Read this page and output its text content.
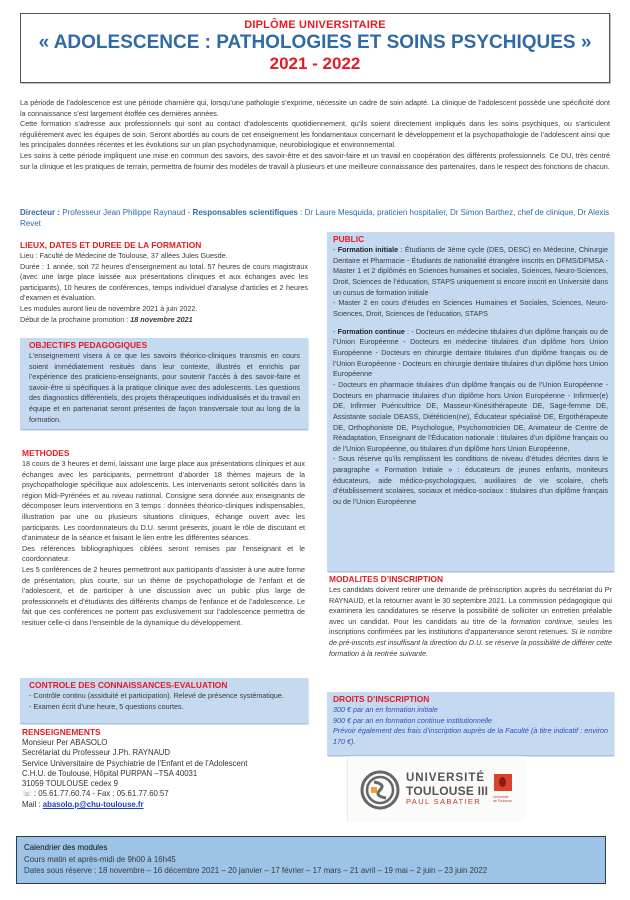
DIPLÔME UNIVERSITAIRE
« ADOLESCENCE : PATHOLOGIES ET SOINS PSYCHIQUES »
2021 - 2022

La période de l’adolescence est une période charnière qui, lorsqu’une pathologie s’exprime, nécessite un cadre de soin adapté. La clinique de l’adolescent possède une spécificité dont la connaissance s’est largement étoffée ces dernières années.

Cette formation s’adresse aux professionnels qui sont au contact d’adolescents quotidiennement, qu’ils soient directement impliqués dans les soins psychiques, ou s’articulent régulièrement avec les équipes de soin. Seront abordés au cours de cet enseignement les fondamentaux concernant le développement et la psychopathologie de l’adolescent ainsi que les principales données récentes et les évolutions sur un plan psychodynamique, neurobiologique et environnemental.

Les soins à cette période impliquent une mise en commun des savoirs, des savoir-être et des savoir-faire et un travail en coopération des différents professionnels. Ce DU, très centré sur la clinique et les pratiques de terrain, permettra de fournir des modèles de travail à plusieurs et une meilleure connaissance des partenaires, dans le respect des fonctions de chacun.

Directeur : Professeur Jean Philippe Raynaud - Responsables scientifiques : Dr Laure Mesquida, praticien hospitalier, Dr Simon Barthez, chef de clinique, Dr Alexis Revet
LIEUX, DATES ET DUREE DE LA FORMATION
Lieu : Faculté de Médecine de Toulouse, 37 allées Jules Guesde.
Durée : 1 année, soit 72 heures d’enseignement au total. 57 heures de cours magistraux (avec une large place laissée aux présentations cliniques et aux échanges avec les participants), 10 heures de conférences, temps individuel d’analyse d’articles et 2 heures d’examen et évaluation.
Les modules auront lieu de novembre 2021 à juin 2022.
Début de la prochaine promotion : 18 novembre 2021
OBJECTIFS PEDAGOGIQUES
L’enseignement visera à ce que les savoirs théorico-cliniques transmis en cours soient immédiatement resitués dans leur contexte, illustrés et enrichis par l’expérience des praticiens-enseignants, pour soutenir l’accès à des savoir-faire et savoir-être si spécifiques à la pratique clinique avec des adolescents. Les questions des diagnostics différentiels, des projets thérapeutiques individualisés et du travail en équipe et en partenariat seront présentes de façon transversale tout au long de la formation.
METHODES
18 cours de 3 heures et demi, laissant une large place aux présentations cliniques et aux échanges avec les participants, permettront d’aborder 18 thèmes majeurs de la psychopathologie spécifique aux adolescents. Les intervenants seront sollicités dans la région Midi-Pyrénées et au niveau national. Consigne sera donnée aux enseignants de décomposer leurs interventions en 3 temps : données théorico-cliniques indispensables, illustration par une ou plusieurs situations cliniques, échange ouvert avec les participants. Les coordonnateurs du D.U. seront présents, jouant le rôle de discutant et d’animateur de la séance et faisant le lien entre les différentes séances.
Des références bibliographiques ciblées seront remises par l’enseignant et le coordonnateur.
Les 5 conférences de 2 heures permettront aux participants d’assister à une autre forme de présentation, plus courte, sur un thème de psychopathologie de l’enfant et de l’adolescent, et de participer à une discussion avec un public plus large de professionnels et d’étudiants des différents champs de l’enfance et de l’adolescence. Le fait que ces conférences ne portent pas exclusivement sur l’adolescence permettra de resituer celle-ci dans l’ensemble de la dynamique du développement.
CONTROLE DES CONNAISSANCES-EVALUATION
- Contrôle continu (assiduité et participation). Relevé de présence systématique.
- Examen écrit d’une heure, 5 questions courtes.
RENSEIGNEMENTS
Monsieur Per ABASOLO
Secrétariat du Professeur J.Ph. RAYNAUD
Service Universitaire de Psychiatrie de l’Enfant et de l’Adolescent
C.H.U. de Toulouse, Hôpital PURPAN –TSA 40031
31059 TOULOUSE cedex 9
☏ : 05.61.77.60.74 - Fax : 05.61.77.60.57
Mail : abasolo.p@chu-toulouse.fr
PUBLIC
- Formation initiale : Étudiants de 3ème cycle (DES, DESC) en Médecine, Chirurgie Dentaire et Pharmacie - Étudiants de nationalité étrangère inscrits en DFMS/DFMSA - Master 1 et 2 diplômés en Sciences humaines et sociales, Sciences, Neuro-Sciences, Droit, Sciences de l’éducation, STAPS uniquement si encore inscrit en Université dans un cursus de formation initiale
- Master 2 en cours d’études en Sciences Humaines et Sociales, Sciences, Neuro-Sciences, Droit, Sciences de l’éducation, STAPS
- Formation continue : - Docteurs en médecine titulaires d’un diplôme français ou de l’Union Européenne - Docteurs en médecine titulaires d’un diplôme hors Union Européenne - Docteurs en chirurgie dentaire titulaires d’un diplôme français ou de l’Union Européenne - Docteurs en chirurgie dentaire titulaires d’un diplôme hors Union Européenne
- Docteurs en pharmacie titulaires d’un diplôme français ou de l’Union Européenne - Docteurs en pharmacie titulaires d’un diplôme hors Union Européenne - Infirmier(e) DE, Infirmier Puéricultrice DE, Masseur-Kinésithérapeute DE, Sage-femme DE, Assistante sociale DEASS, Diététicien(ne), Éducateur spécialisé DE, Ergothérapeute DE, Orthophoniste DE, Psychologue, Psychomotricien DE, Animateur de Centre de Réadaptation, Enseignant de l’Éducation nationale : titulaires d’un diplôme français ou de l’Union Européenne, ou titulaires d’un diplôme hors Union Européenne,
- Sous réserve qu’ils remplissent les conditions de niveau d’études décrites dans le paragraphe « Formation Initiale » : éducateurs de jeunes enfants, moniteurs éducateurs, aide médico-psychologiques, auxiliaires de vie scolaire, chefs d’établissement scolaires, sociaux et médico-sociaux : titulaires d’un diplôme français ou de l’Union Européenne
MODALITES D’INSCRIPTION
Les candidats doivent retirer une demande de préinscription auprès du secrétariat du Pr RAYNAUD, et la retourner avant le 30 septembre 2021. La commission pédagogique qui examinera les candidatures se réserve la possibilité de solliciter un entretien préalable avec un candidat. Pour les candidats au titre de la formation continue, seules les inscriptions confirmées par les institutions d’appartenance seront retenues. Si le nombre de pré-inscrits est insuffisant la direction du D.U. se réserve la possibilité de différer cette formation à la rentrée suivante.
DROITS D’INSCRIPTION
300 € par an en formation initiale
900 € par an en formation continue institutionnelle
Prévoir également des frais d’inscription auprès de la Faculté (à titre indicatif : environ 170 €).
UNIVERSITÉ
TOULOUSE III
PAUL SABATIER	Université de Toulouse
Calendrier des modules
Cours matin et après-midi de 9h00 à 16h45
Dates sous réserve : 18 novembre – 16 décembre 2021 – 20 janvier – 17 février – 17 mars – 21 avril – 19 mai – 2 juin – 23 juin 2022
